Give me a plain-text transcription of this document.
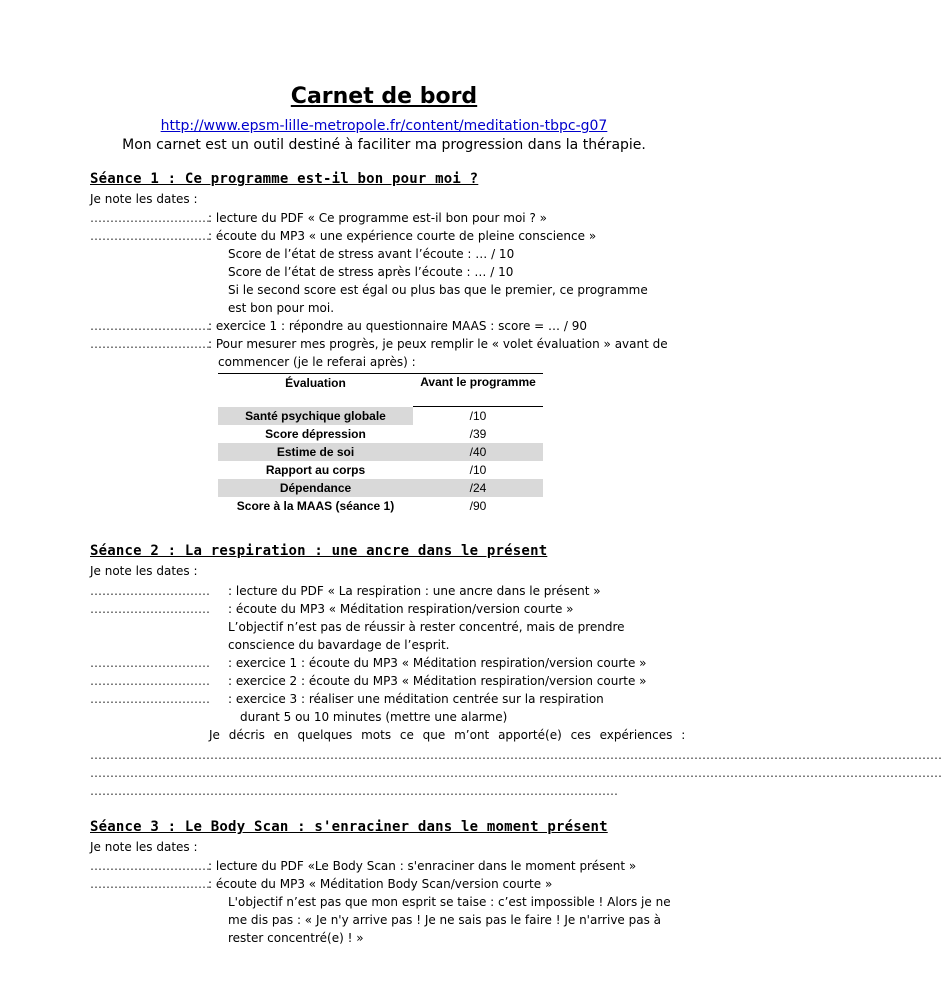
Carnet de bord
http://www.epsm-lille-metropole.fr/content/meditation-tbpc-g07
Mon carnet est un outil destiné à faciliter ma progression dans la thérapie.
Séance 1 : Ce programme est-il bon pour moi ?
Je note les dates :
…………………………
: lecture du PDF « Ce programme est-il bon pour moi ? »
…………………………
: écoute du MP3 « une expérience courte de pleine conscience »
Score de l’état de stress avant l’écoute : … / 10
Score de l’état de stress après l’écoute : … / 10
Si le second score est égal ou plus bas que le premier, ce programme
est bon pour moi.
…………………………
: exercice 1 : répondre au questionnaire MAAS : score = … / 90
…………………………
: Pour mesurer mes progrès, je peux remplir le « volet évaluation » avant de
commencer (je le referai après) :
Évaluation	Avant le programme
Santé psychique globale	/10
Score dépression	/39
Estime de soi	/40
Rapport au corps	/10
Dépendance	/24
Score à la MAAS (séance 1)	/90
Séance 2 : La respiration : une ancre dans le présent
Je note les dates :
………………………… : lecture du PDF « La respiration : une ancre dans le présent »
………………………… : écoute du MP3 « Méditation respiration/version courte »
L’objectif n’est pas de réussir à rester concentré, mais de prendre
conscience du bavardage de l’esprit.
………………………… : exercice 1 : écoute du MP3 « Méditation respiration/version courte »
………………………… : exercice 2 : écoute du MP3 « Méditation respiration/version courte »
………………………… : exercice 3 : réaliser une méditation centrée sur la respiration
durant 5 ou 10 minutes (mettre une alarme)
Je décris en quelques mots ce que m’ont apporté(e) ces expériences :
……………………………………………………………………………………………………………………………………………………………………………………………
……………………………………………………………………………………………………………………………………………………………………………………………
……………………………………………………………………………………………………………………
Séance 3 : Le Body Scan : s'enraciner dans le moment présent
Je note les dates :
…………………………
: lecture du PDF «Le Body Scan : s'enraciner dans le moment présent »
…………………………
: écoute du MP3 « Méditation Body Scan/version courte »
L'objectif n’est pas que mon esprit se taise : c’est impossible ! Alors je ne
me dis pas : « Je n'y arrive pas ! Je ne sais pas le faire ! Je n'arrive pas à
rester concentré(e) ! »
